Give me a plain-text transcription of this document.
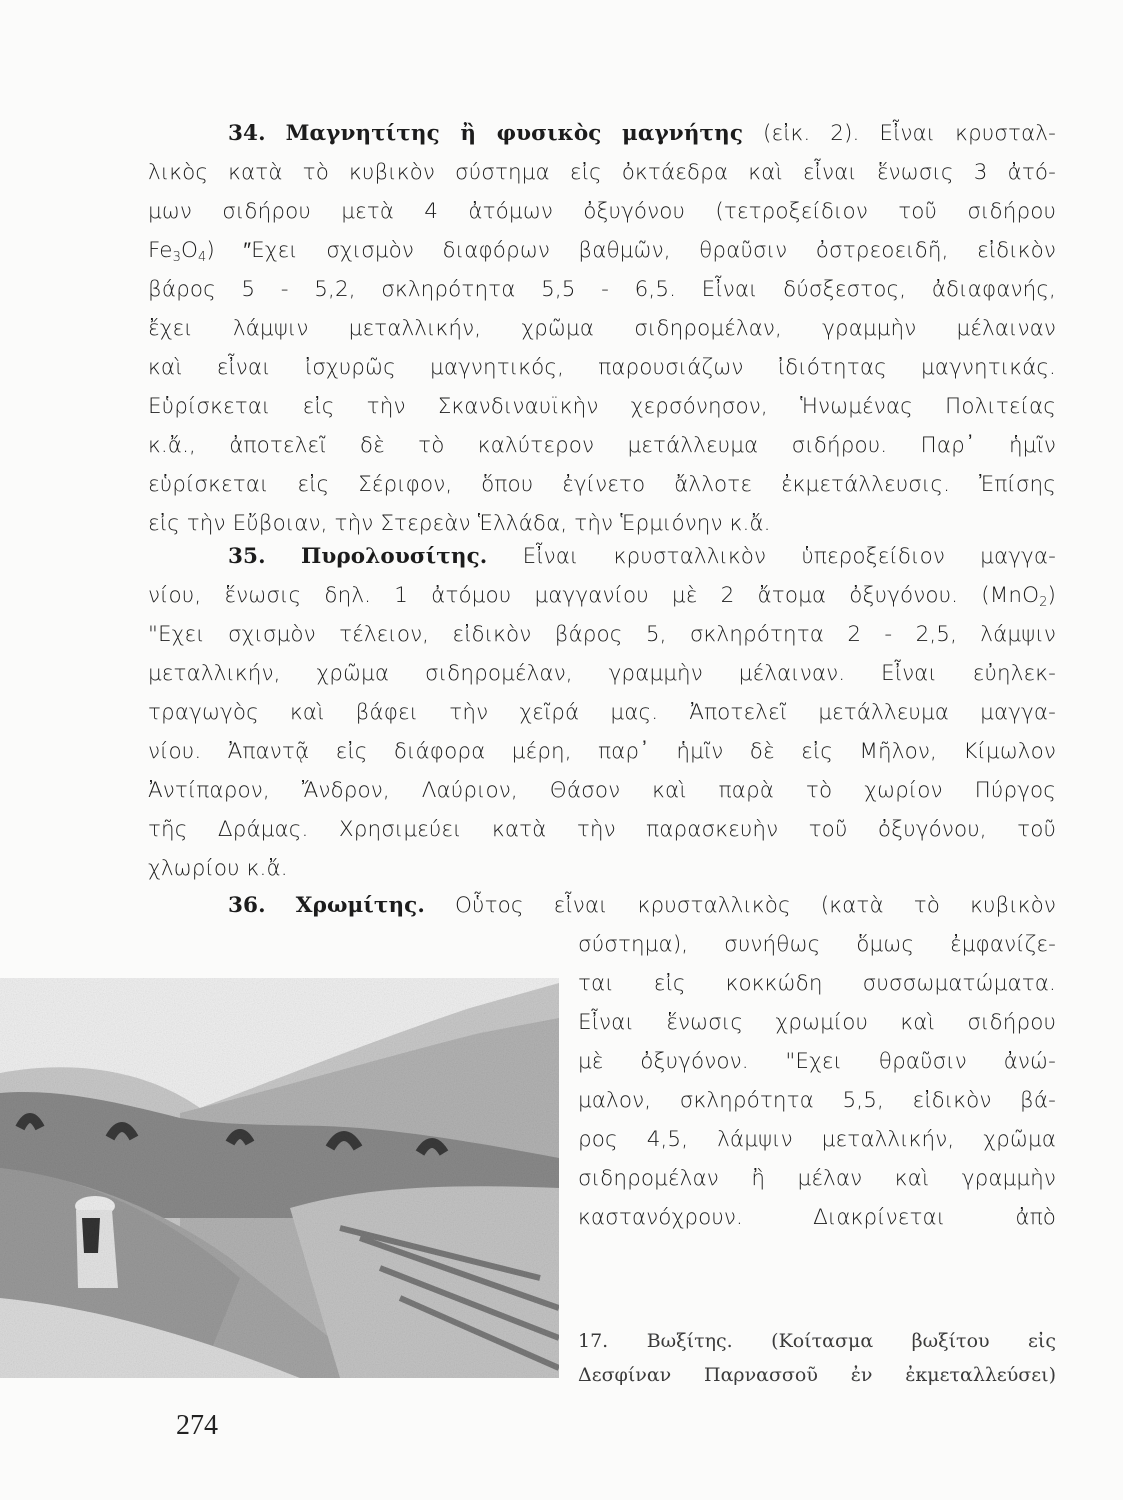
34. Μαγνητίτης ἢ φυσικὸς μαγνήτης (εἰκ. 2). Εἶναι κρυσταλ-
λικὸς κατὰ τὸ κυβικὸν σύστημα εἰς ὀκτάεδρα καὶ εἶναι ἕνωσις 3 ἀτό-
μων σιδήρου μετὰ 4 ἀτόμων ὀξυγόνου (τετροξείδιον τοῦ σιδήρου
$Fe_3O_4$) ″Εχει σχισμὸν διαφόρων βαθμῶν, θραῦσιν ὀστρεοειδῆ, εἰδικὸν
βάρος 5 - 5,2, σκληρότητα 5,5 - 6,5. Εἶναι δύσξεστος, ἀδιαφανής,
ἔχει λάμψιν μεταλλικήν, χρῶμα σιδηρομέλαν, γραμμὴν μέλαιναν
καὶ εἶναι ἰσχυρῶς μαγνητικός, παρουσιάζων ἰδιότητας μαγνητικάς.
Εὑρίσκεται εἰς τὴν Σκανδιναυϊκὴν χερσόνησον, Ἡνωμένας Πολιτείας
κ.ἄ., ἀποτελεῖ δὲ τὸ καλύτερον μετάλλευμα σιδήρου. Παρ᾿ ἡμῖν
εὑρίσκεται εἰς Σέριφον, ὅπου ἐγίνετο ἄλλοτε ἐκμετάλλευσις. Ἐπίσης
εἰς τὴν Εὔβοιαν, τὴν Στερεὰν Ἑλλάδα, τὴν Ἑρμιόνην κ.ἄ.
35. Πυρολουσίτης. Εἶναι κρυσταλλικὸν ὑπεροξείδιον μαγγα-
νίου, ἕνωσις δηλ. 1 ἀτόμου μαγγανίου μὲ 2 ἄτομα ὀξυγόνου. (MnO$_2$)
"Εχει σχισμὸν τέλειον, εἰδικὸν βάρος 5, σκληρότητα 2 - 2,5, λάμψιν
μεταλλικήν, χρῶμα σιδηρομέλαν, γραμμὴν μέλαιναν. Εἶναι εὐηλεκ-
τραγωγὸς καὶ βάφει τὴν χεῖρά μας. Ἀποτελεῖ μετάλλευμα μαγγα-
νίου. Ἀπαντᾷ εἰς διάφορα μέρη, παρ᾿ ἡμῖν δὲ εἰς Μῆλον, Κίμωλον
Ἀντίπαρον, Ἄνδρον, Λαύριον, Θάσον καὶ παρὰ τὸ χωρίον Πύργος
τῆς Δράμας. Χρησιμεύει κατὰ τὴν παρασκευὴν τοῦ ὀξυγόνου, τοῦ
χλωρίου κ.ἄ.
36. Χρωμίτης. Οὗτος εἶναι κρυσταλλικὸς (κατὰ τὸ κυβικὸν
σύστημα), συνήθως ὅμως ἐμφανίζε-
ται εἰς κοκκώδη συσσωματώματα.
Εἶναι ἕνωσις χρωμίου καὶ σιδήρου
μὲ ὀξυγόνον. "Εχει θραῦσιν ἀνώ-
μαλον, σκληρότητα 5,5, εἰδικὸν βά-
ρος 4,5, λάμψιν μεταλλικήν, χρῶμα
σιδηρομέλαν ἢ μέλαν καὶ γραμμὴν
καστανόχρουν. Διακρίνεται ἀπὸ
17. Βωξίτης. (Κοίτασμα βωξίτου εἰς
Δεσφίναν Παρνασσοῦ ἐν ἐκμεταλλεύσει)
274
